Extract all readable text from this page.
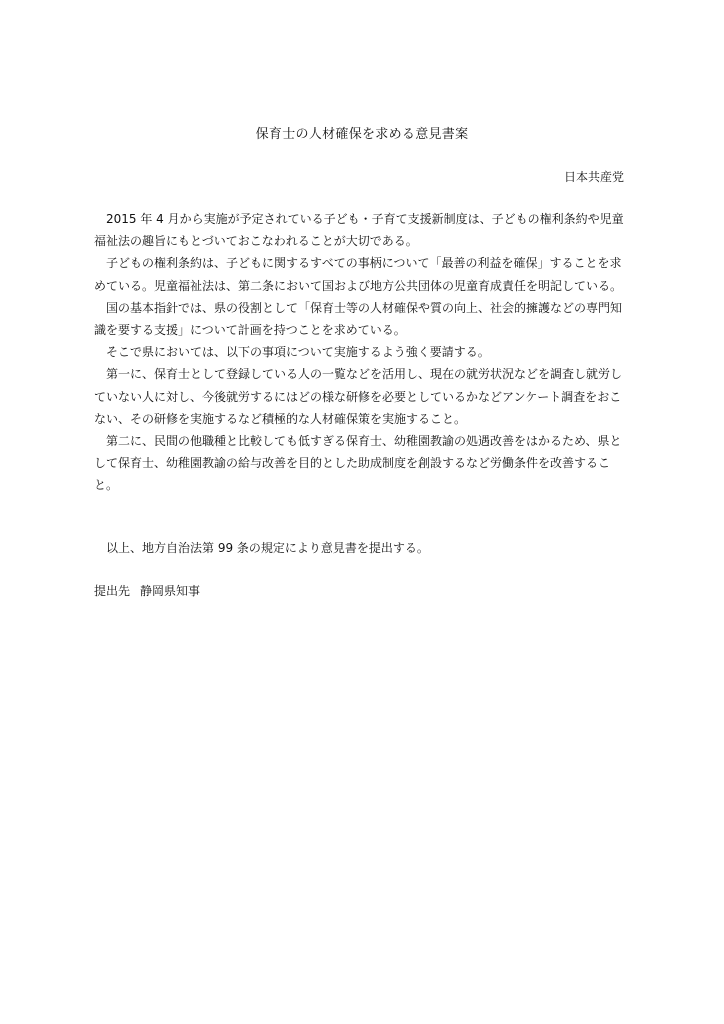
保育士の人材確保を求める意見書案
日本共産党

2015 年 4 月から実施が予定されている子ども・子育て支援新制度は、子どもの権利条約や児童福祉法の趣旨にもとづいておこなわれることが大切である。

子どもの権利条約は、子どもに関するすべての事柄について「最善の利益を確保」することを求めている。児童福祉法は、第二条において国および地方公共団体の児童育成責任を明記している。

国の基本指針では、県の役割として「保育士等の人材確保や質の向上、社会的擁護などの専門知識を要する支援」について計画を持つことを求めている。

そこで県においては、以下の事項について実施するよう強く要請する。

第一に、保育士として登録している人の一覧などを活用し、現在の就労状況などを調査し就労していない人に対し、今後就労するにはどの様な研修を必要としているかなどアンケート調査をおこない、その研修を実施するなど積極的な人材確保策を実施すること。

第二に、民間の他職種と比較しても低すぎる保育士、幼稚園教諭の処遇改善をはかるため、県として保育士、幼稚園教諭の給与改善を目的とした助成制度を創設するなど労働条件を改善すること。

以上、地方自治法第 99 条の規定により意見書を提出する。
提出先 静岡県知事
